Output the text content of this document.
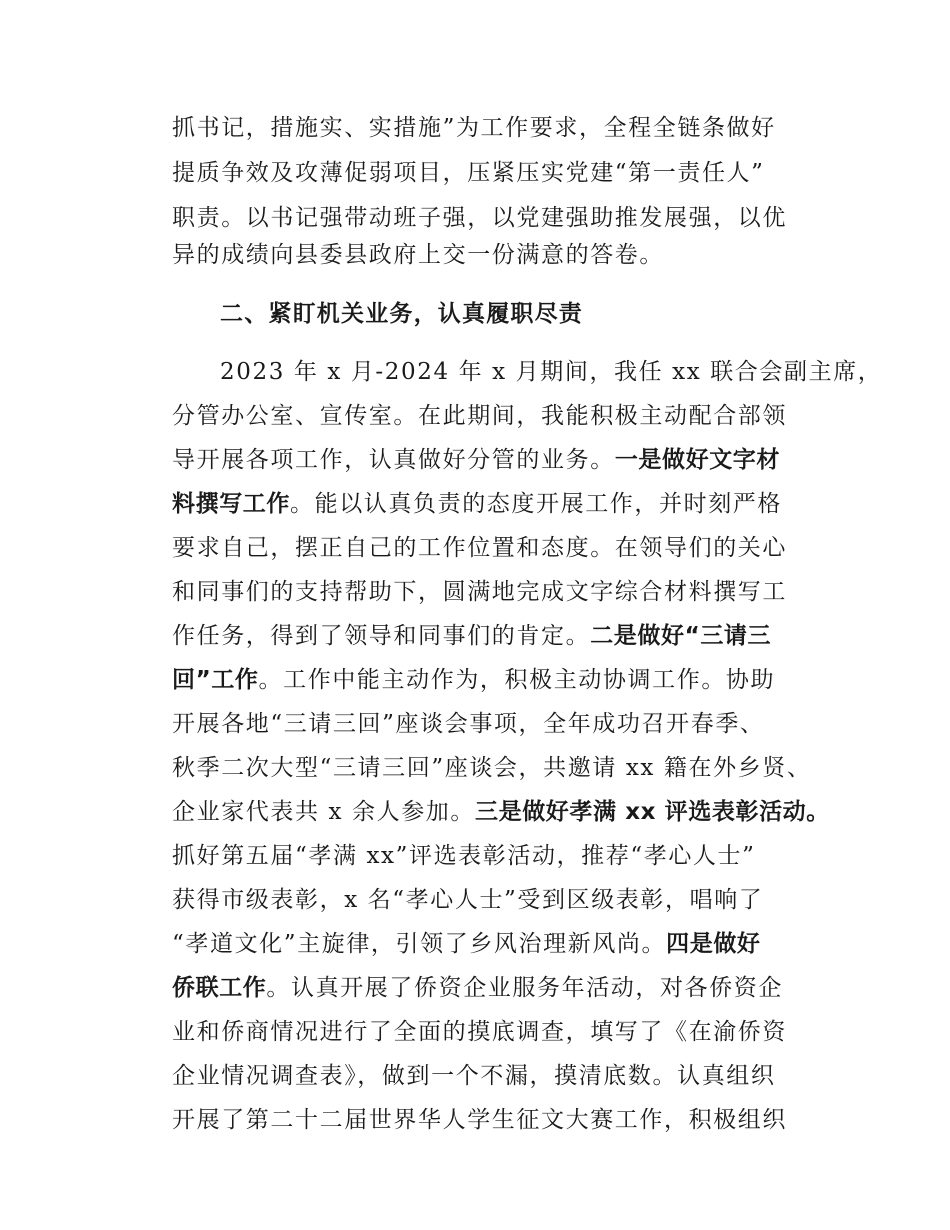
抓书记，措施实、实措施”为工作要求，全程全链条做好
提质争效及攻薄促弱项目，压紧压实党建“第一责任人”
职责。以书记强带动班子强，以党建强助推发展强，以优
异的成绩向县委县政府上交一份满意的答卷。
二、紧盯机关业务，认真履职尽责
2023 年 x 月-2024 年 x 月期间，我任 xx 联合会副主席，
分管办公室、宣传室。在此期间，我能积极主动配合部领
导开展各项工作，认真做好分管的业务。一是做好文字材
料撰写工作。能以认真负责的态度开展工作，并时刻严格
要求自己，摆正自己的工作位置和态度。在领导们的关心
和同事们的支持帮助下，圆满地完成文字综合材料撰写工
作任务，得到了领导和同事们的肯定。二是做好“三请三
回”工作。工作中能主动作为，积极主动协调工作。协助
开展各地“三请三回”座谈会事项，全年成功召开春季、
秋季二次大型“三请三回”座谈会，共邀请 xx 籍在外乡贤、
企业家代表共 x 余人参加。三是做好孝满 xx 评选表彰活动。
抓好第五届“孝满 xx”评选表彰活动，推荐“孝心人士”
获得市级表彰，x 名“孝心人士”受到区级表彰，唱响了
“孝道文化”主旋律，引领了乡风治理新风尚。四是做好
侨联工作。认真开展了侨资企业服务年活动，对各侨资企
业和侨商情况进行了全面的摸底调查，填写了《在渝侨资
企业情况调查表》，做到一个不漏，摸清底数。认真组织
开展了第二十二届世界华人学生征文大赛工作，积极组织
